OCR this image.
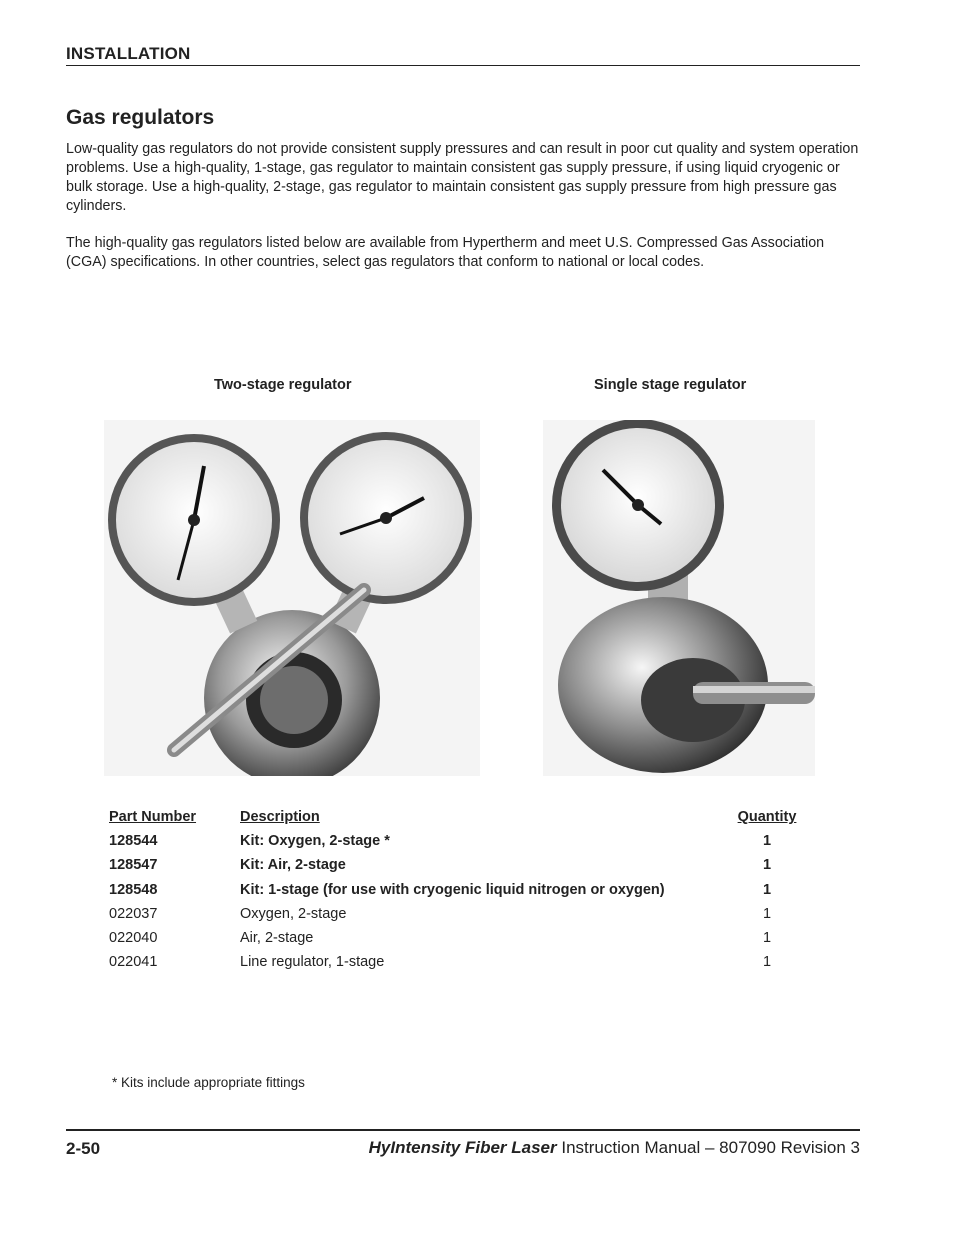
INSTALLATION
Gas regulators

Low-quality gas regulators do not provide consistent supply pressures and can result in poor cut quality and system operation problems. Use a high-quality, 1-stage, gas regulator to maintain consistent gas supply pressure, if using liquid cryogenic or bulk storage. Use a high-quality, 2-stage, gas regulator to maintain consistent gas supply pressure from high pressure gas cylinders.

The high-quality gas regulators listed below are available from Hypertherm and meet U.S. Compressed Gas Association (CGA) specifications. In other countries, select gas regulators that conform to national or local codes.

Two-stage regulator	Single stage regulator
Part Number	Description	Quantity
128544	Kit: Oxygen, 2-stage *	1
128547	Kit: Air, 2-stage	1
128548	Kit: 1-stage (for use with cryogenic liquid nitrogen or oxygen)	1
022037	Oxygen, 2-stage	1
022040	Air, 2-stage	1
022041	Line regulator, 1-stage	1
* Kits include appropriate fittings
2-50	HyIntensity Fiber Laser Instruction Manual – 807090 Revision 3
